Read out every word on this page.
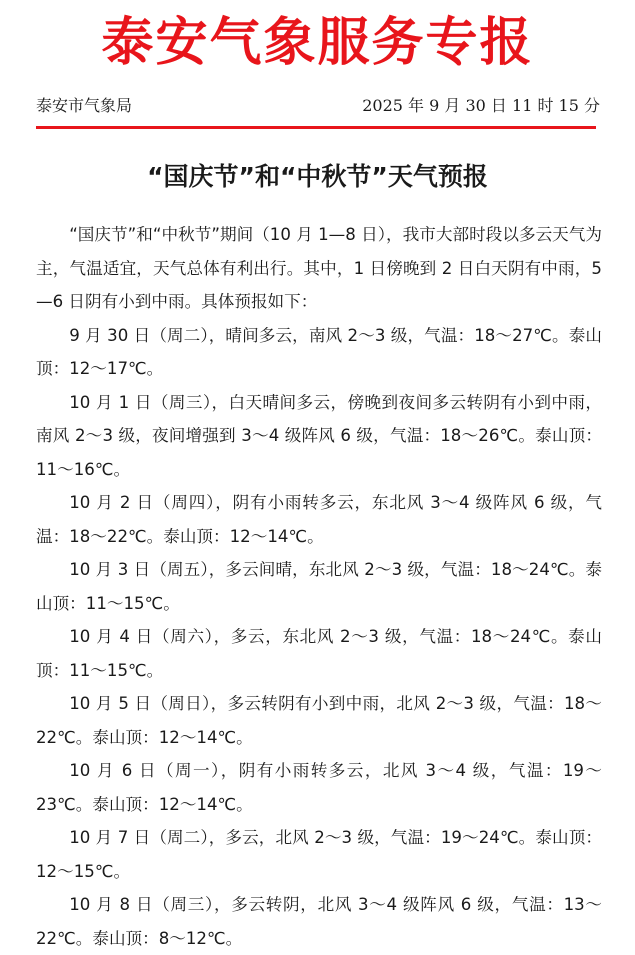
泰安气象服务专报
泰安市气象局	2025 年 9 月 30 日 11 时 15 分
“国庆节”和“中秋节”天气预报

“国庆节”和“中秋节”期间（10 月 1—8 日），我市大部时段以多云天气为主，气温适宜，天气总体有利出行。其中，1 日傍晚到 2 日白天阴有中雨，5—6 日阴有小到中雨。具体预报如下：

9 月 30 日（周二），晴间多云，南风 2～3 级，气温：18～27℃。泰山顶：12～17℃。

10 月 1 日（周三），白天晴间多云，傍晚到夜间多云转阴有小到中雨，南风 2～3 级，夜间增强到 3～4 级阵风 6 级，气温：18～26℃。泰山顶：11～16℃。

10 月 2 日（周四），阴有小雨转多云，东北风 3～4 级阵风 6 级，气温：18～22℃。泰山顶：12～14℃。

10 月 3 日（周五），多云间晴，东北风 2～3 级，气温：18～24℃。泰山顶：11～15℃。

10 月 4 日（周六），多云，东北风 2～3 级，气温：18～24℃。泰山顶：11～15℃。

10 月 5 日（周日），多云转阴有小到中雨，北风 2～3 级，气温：18～22℃。泰山顶：12～14℃。

10 月 6 日（周一），阴有小雨转多云，北风 3～4 级，气温：19～23℃。泰山顶：12～14℃。

10 月 7 日（周二），多云，北风 2～3 级，气温：19～24℃。泰山顶：12～15℃。

10 月 8 日（周三），多云转阴，北风 3～4 级阵风 6 级，气温：13～22℃。泰山顶：8～12℃。
